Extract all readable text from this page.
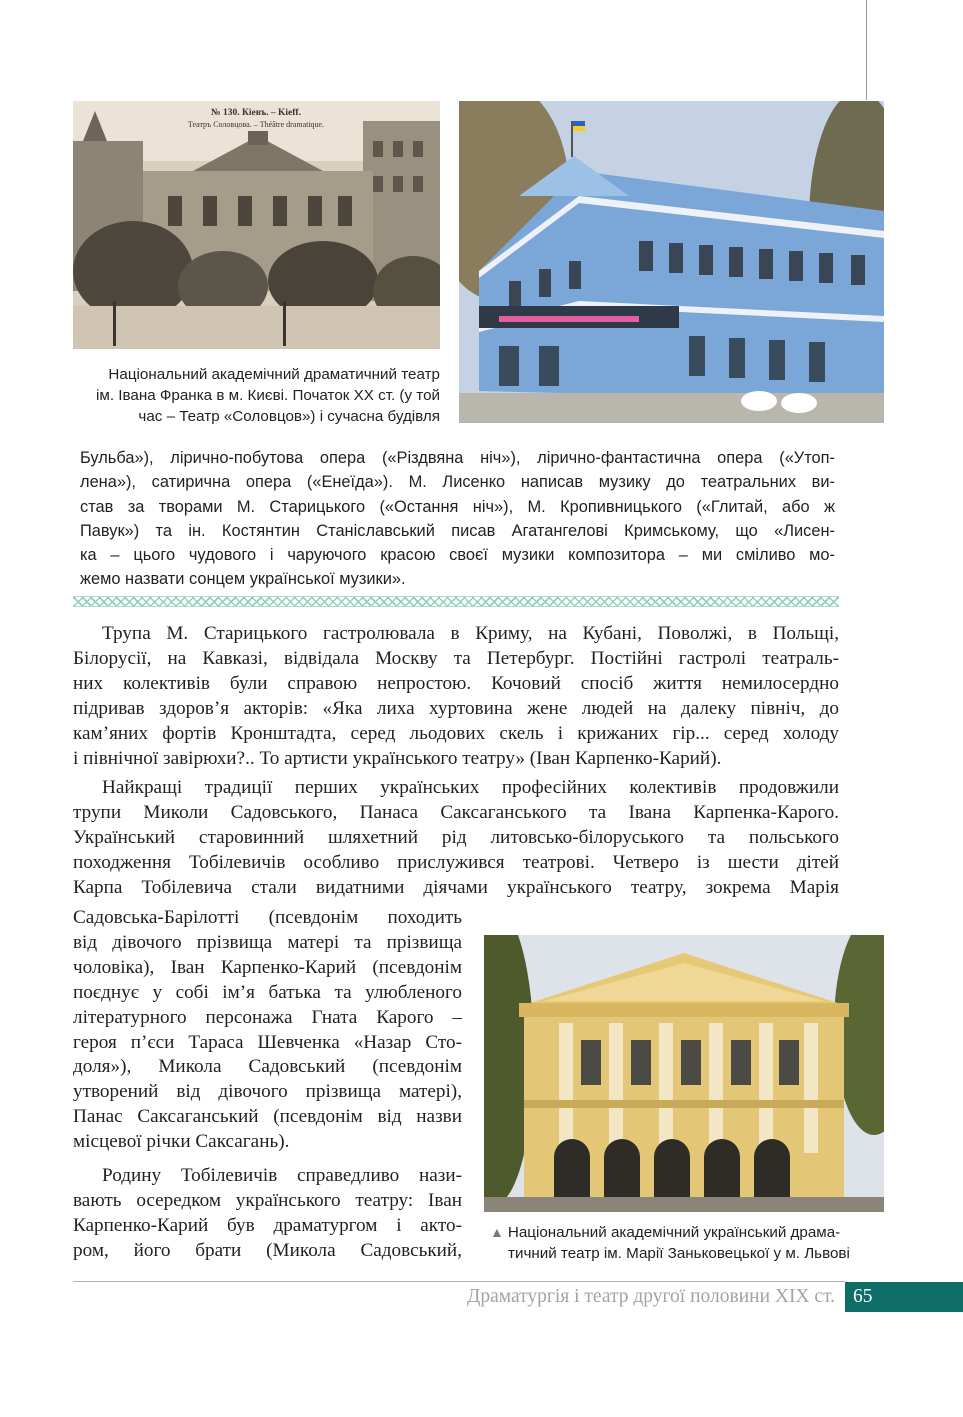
№ 130. Кіевъ. – Kieff.
Театръ Соловцова. – Théâtre dramatique.
Національний академічний драматичний театр
ім. Івана Франка в м. Києві. Початок ХХ ст. (у той
час – Театр «Соловцов») і сучасна будівля
Бульба»), лірично-побутова опера («Різдвяна ніч»), лірично-фантастична опера («Утоп-
лена»), сатирична опера («Енеїда»). М. Лисенко написав музику до театральних ви-
став за творами М. Старицького («Остання ніч»), М. Кропивницького («Глитай, або ж
Павук») та ін. Костянтин Станіславський писав Агатангелові Кримському, що «Лисен-
ка – цього чудового і чаруючого красою своєї музики композитора – ми сміливо мо-
жемо назвати сонцем української музики».
Трупа М. Старицького гастролювала в Криму, на Кубані, Поволжі, в Польщі,
Білорусії, на Кавказі, відвідала Москву та Петербург. Постійні гастролі театраль-
них колективів були справою непростою. Кочовий спосіб життя немилосердно
підривав здоров’я акторів: «Яка лиха хуртовина жене людей на далеку північ, до
кам’яних фортів Кронштадта, серед льодових скель і крижаних гір... серед холоду
і північної завірюхи?.. То артисти українського театру» (Іван Карпенко-Карий).
Найкращі традиції перших українських професійних колективів продовжили
трупи Миколи Садовського, Панаса Саксаганського та Івана Карпенка-Карого.
Український старовинний шляхетний рід литовсько-білоруського та польського
походження Тобілевичів особливо прислужився театрові. Четверо із шести дітей
Карпа Тобілевича стали видатними діячами українського театру, зокрема Марія
Садовська-Барілотті (псевдонім походить
від дівочого прізвища матері та прізвища
чоловіка), Іван Карпенко-Карий (псевдонім
поєднує у собі ім’я батька та улюбленого
літературного персонажа Гната Карого –
героя п’єси Тараса Шевченка «Назар Сто-
доля»), Микола Садовський (псевдонім
утворений від дівочого прізвища матері),
Панас Саксаганський (псевдонім від назви
місцевої річки Саксагань).
Родину Тобілевичів справедливо нази-
вають осередком українського театру: Іван
Карпенко-Карий був драматургом і акто-
ром, його брати (Микола Садовський,
▲ Національний академічний український драма-
тичний театр ім. Марії Заньковецької у м. Львові
Драматургія і театр другої половини ХІХ ст. 65
